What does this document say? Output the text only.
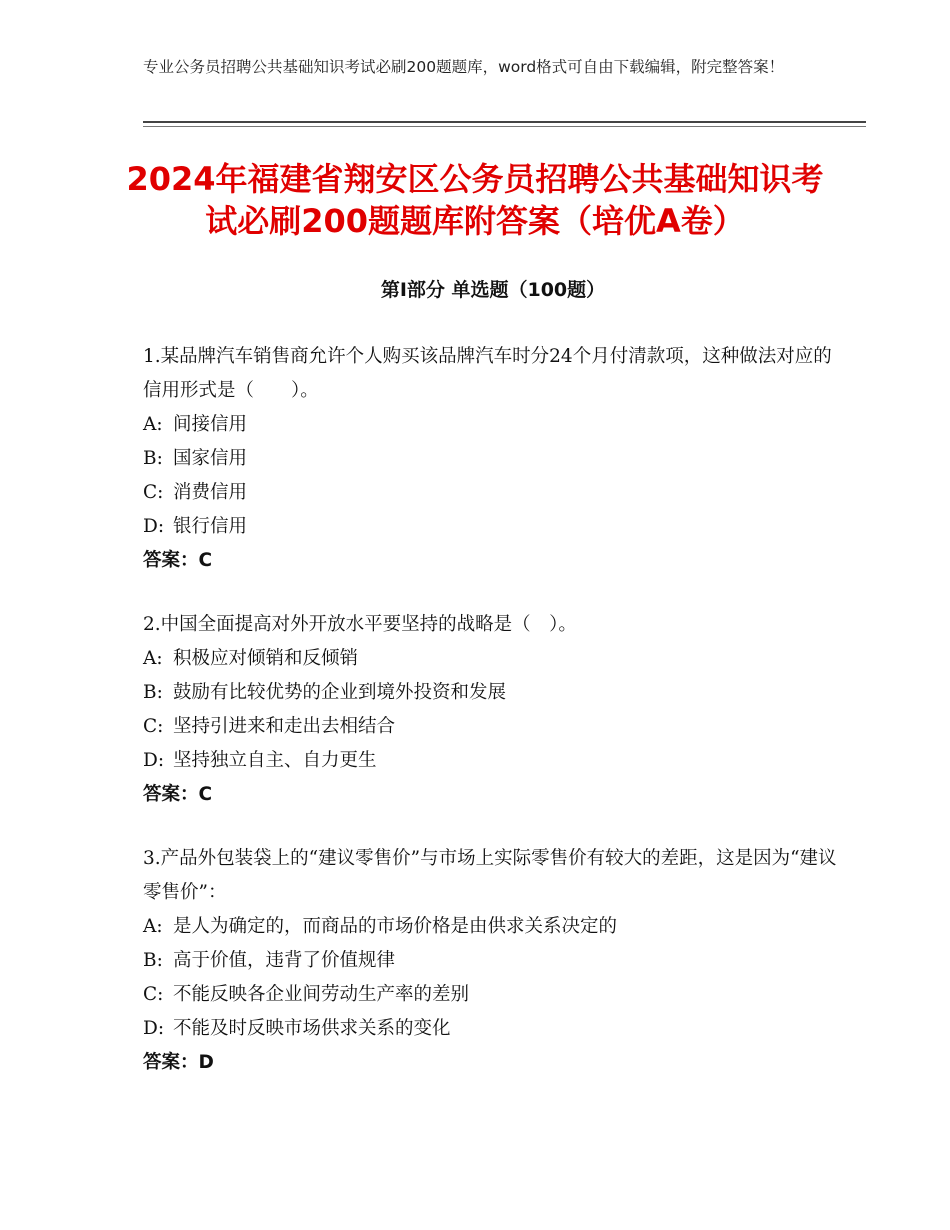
专业公务员招聘公共基础知识考试必刷200题题库，word格式可自由下载编辑，附完整答案！
2024年福建省翔安区公务员招聘公共基础知识考试必刷200题题库附答案（培优A卷）
第Ⅰ部分 单选题（100题）

1.某品牌汽车销售商允许个人购买该品牌汽车时分24个月付清款项，这种做法对应的信用形式是（　　）。

A: 间接信用
B: 国家信用
C: 消费信用
D: 银行信用
答案：C

2.中国全面提高对外开放水平要坚持的战略是（　）。

A: 积极应对倾销和反倾销
B: 鼓励有比较优势的企业到境外投资和发展
C: 坚持引进来和走出去相结合
D: 坚持独立自主、自力更生
答案：C

3.产品外包装袋上的“建议零售价”与市场上实际零售价有较大的差距，这是因为“建议零售价”：

A: 是人为确定的，而商品的市场价格是由供求关系决定的
B: 高于价值，违背了价值规律
C: 不能反映各企业间劳动生产率的差别
D: 不能及时反映市场供求关系的变化
答案：D
